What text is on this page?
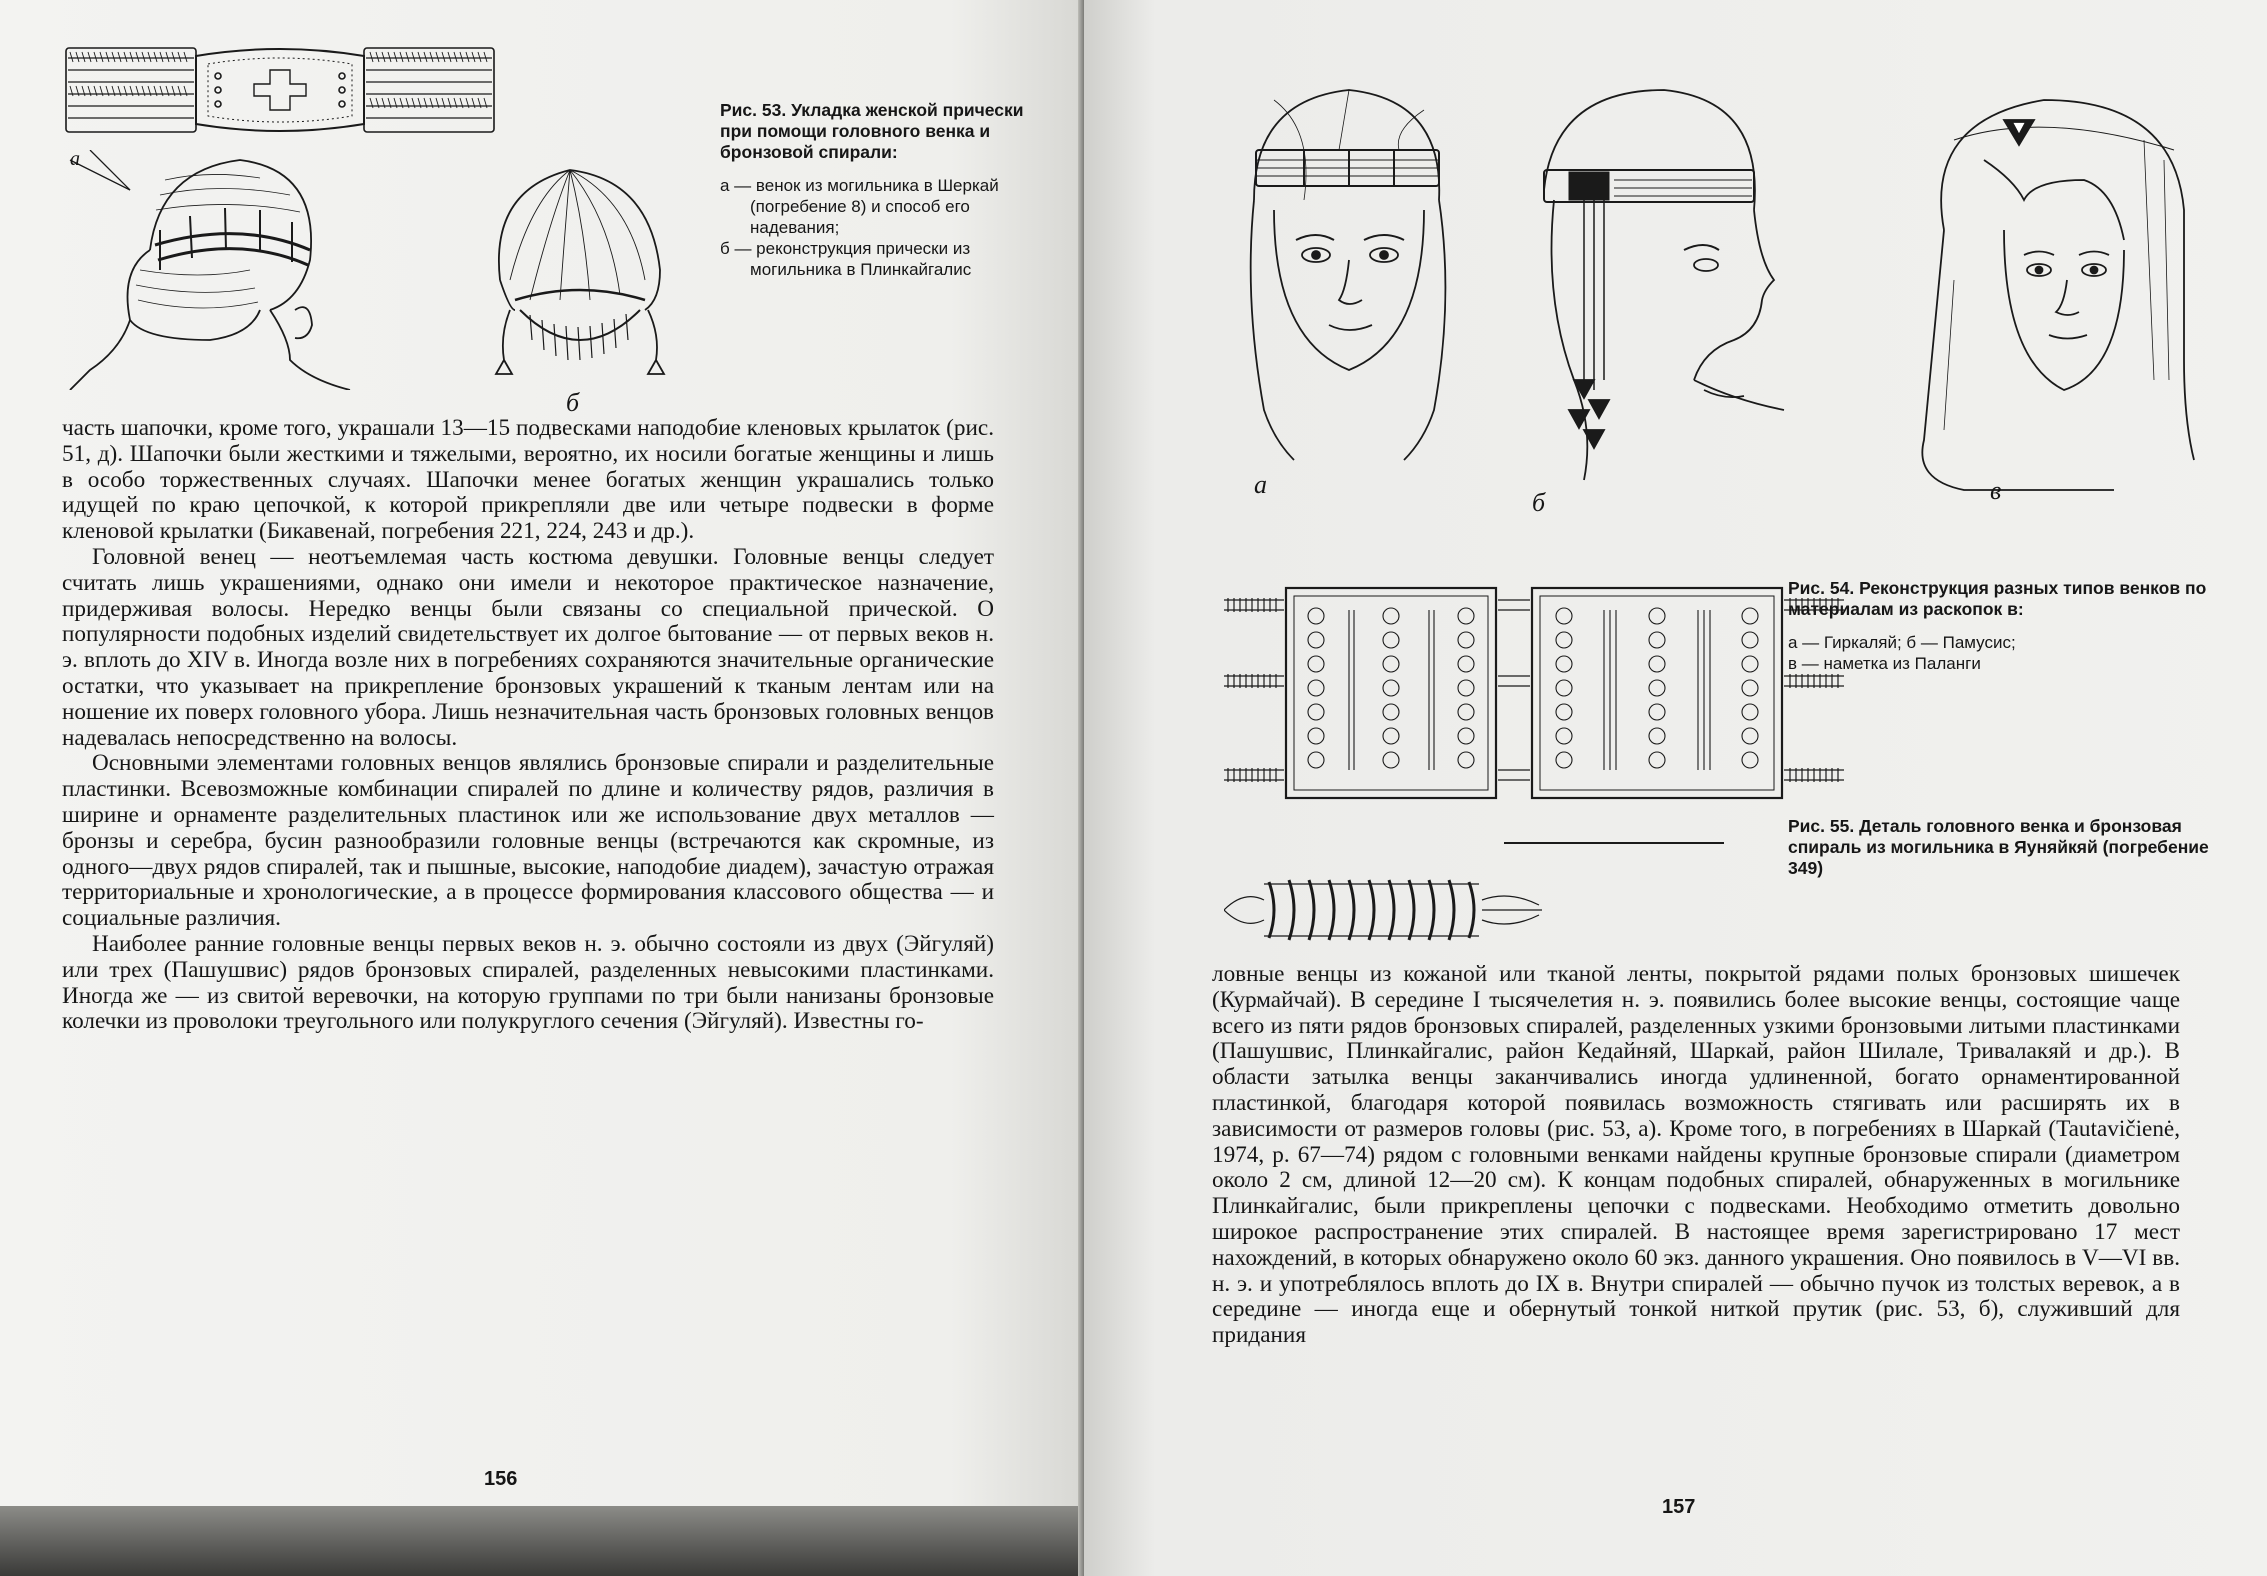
а
б
Рис. 53. Укладка женской прически при помощи головного венка и бронзовой спирали:
а — венок из могильника в Шеркай (погребение 8) и способ его надевания;
б — реконструкция прически из могильника в Плинкайгалис

часть шапочки, кроме того, украшали 13—15 подвесками наподобие кленовых крылаток (рис. 51, д). Шапочки были жесткими и тяжелыми, вероятно, их носили богатые женщины и лишь в особо торжественных случаях. Шапочки менее богатых женщин украшались только идущей по краю цепочкой, к которой прикрепляли две или четыре подвески в форме кленовой крылатки (Бикавенай, погребения 221, 224, 243 и др.).

Головной венец — неотъемлемая часть костюма девушки. Головные венцы следует считать лишь украшениями, однако они имели и некоторое практическое назначение, придерживая волосы. Нередко венцы были связаны со специальной прической. О популярности подобных изделий свидетельствует их долгое бытование — от первых веков н. э. вплоть до XIV в. Иногда возле них в погребениях сохраняются значительные органические остатки, что указывает на прикрепление бронзовых украшений к тканым лентам или на ношение их поверх головного убора. Лишь незначительная часть бронзовых головных венцов надевалась непосредственно на волосы.

Основными элементами головных венцов являлись бронзовые спирали и разделительные пластинки. Всевозможные комбинации спиралей по длине и количеству рядов, различия в ширине и орнаменте разделительных пластинок или же использование двух металлов — бронзы и серебра, бусин разнообразили головные венцы (встречаются как скромные, из одного—двух рядов спиралей, так и пышные, высокие, наподобие диадем), зачастую отражая территориальные и хронологические, а в процессе формирования классового общества — и социальные различия.

Наиболее ранние головные венцы первых веков н. э. обычно состояли из двух (Эйгуляй) или трех (Пашушвис) рядов бронзовых спиралей, разделенных невысокими пластинками. Иногда же — из свитой веревочки, на которую группами по три были нанизаны бронзовые колечки из проволоки треугольного или полукруглого сечения (Эйгуляй). Известны го-

156
а
б	в
Рис. 54. Реконструкция разных типов венков по материалам из раскопок в:
а — Гиркаляй; б — Памусис;
в — наметка из Паланги
Рис. 55. Деталь головного венка и бронзовая спираль из могильника в Яуняйкяй (погребение 349)

ловные венцы из кожаной или тканой ленты, покрытой рядами полых бронзовых шишечек (Курмайчай). В середине I тысячелетия н. э. появились более высокие венцы, состоящие чаще всего из пяти рядов бронзовых спиралей, разделенных узкими бронзовыми литыми пластинками (Пашушвис, Плинкайгалис, район Кедайняй, Шаркай, район Шилале, Тривалакяй и др.). В области затылка венцы заканчивались иногда удлиненной, богато орнаментированной пластинкой, благодаря которой появилась возможность стягивать или расширять их в зависимости от размеров головы (рис. 53, а). Кроме того, в погребениях в Шаркай (Tautavičienė, 1974, p. 67—74) рядом с головными венками найдены крупные бронзовые спирали (диаметром около 2 см, длиной 12—20 см). К концам подобных спиралей, обнаруженных в могильнике Плинкайгалис, были прикреплены цепочки с подвесками. Необходимо отметить довольно широкое распространение этих спиралей. В настоящее время зарегистрировано 17 мест нахождений, в которых обнаружено около 60 экз. данного украшения. Оно появилось в V—VI вв. н. э. и употреблялось вплоть до IX в. Внутри спиралей — обычно пучок из толстых веревок, а в середине — иногда еще и обернутый тонкой ниткой прутик (рис. 53, б), служивший для придания

157
